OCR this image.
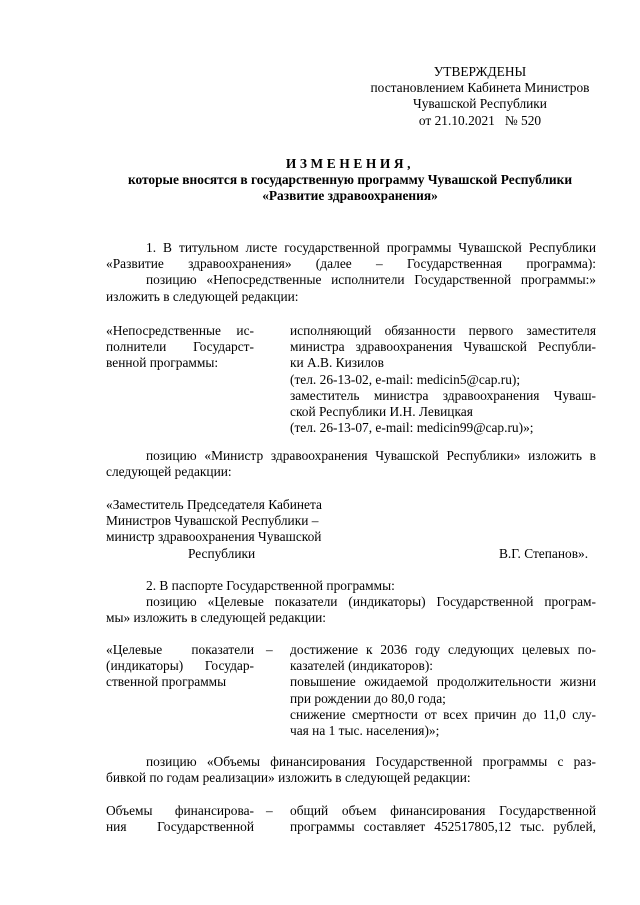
УТВЕРЖДЕНЫ
постановлением Кабинета Министров
Чувашской Республики
от 21.10.2021   № 520
ИЗМЕНЕНИЯ,
которые вносятся в государственную программу Чувашской Республики
«Развитие здравоохранения»
1. В титульном листе государственной программы Чувашской Республики
«Развитие здравоохранения» (далее – Государственная программа):
позицию «Непосредственные исполнители Государственной программы:»
изложить в следующей редакции:
«Непосредственные ис-
полнители Государст-
венной программы:
исполняющий обязанности первого заместителя
министра здравоохранения Чувашской Республи-
ки А.В. Кизилов
(тел. 26-13-02, e-mail: medicin5@cap.ru);
заместитель министра здравоохранения Чуваш-
ской Республики И.Н. Левицкая
(тел. 26-13-07, e-mail: medicin99@cap.ru)»;
позицию «Министр здравоохранения Чувашской Республики» изложить в
следующей редакции:
«Заместитель Председателя Кабинета
Министров Чувашской Республики –
министр здравоохранения Чувашской
Республики	В.Г. Степанов».
2. В паспорте Государственной программы:
позицию «Целевые показатели (индикаторы) Государственной програм-
мы» изложить в следующей редакции:
«Целевые показатели
(индикаторы) Государ-
ственной программы
– достижение к 2036 году следующих целевых по-
казателей (индикаторов):
повышение ожидаемой продолжительности жизни
при рождении до 80,0 года;
снижение смертности от всех причин до 11,0 слу-
чая на 1 тыс. населения)»;
позицию «Объемы финансирования Государственной программы с раз-
бивкой по годам реализации» изложить в следующей редакции:
Объемы финансирова-
ния Государственной
– общий объем финансирования Государственной
программы составляет 452517805,12 тыс. рублей,
